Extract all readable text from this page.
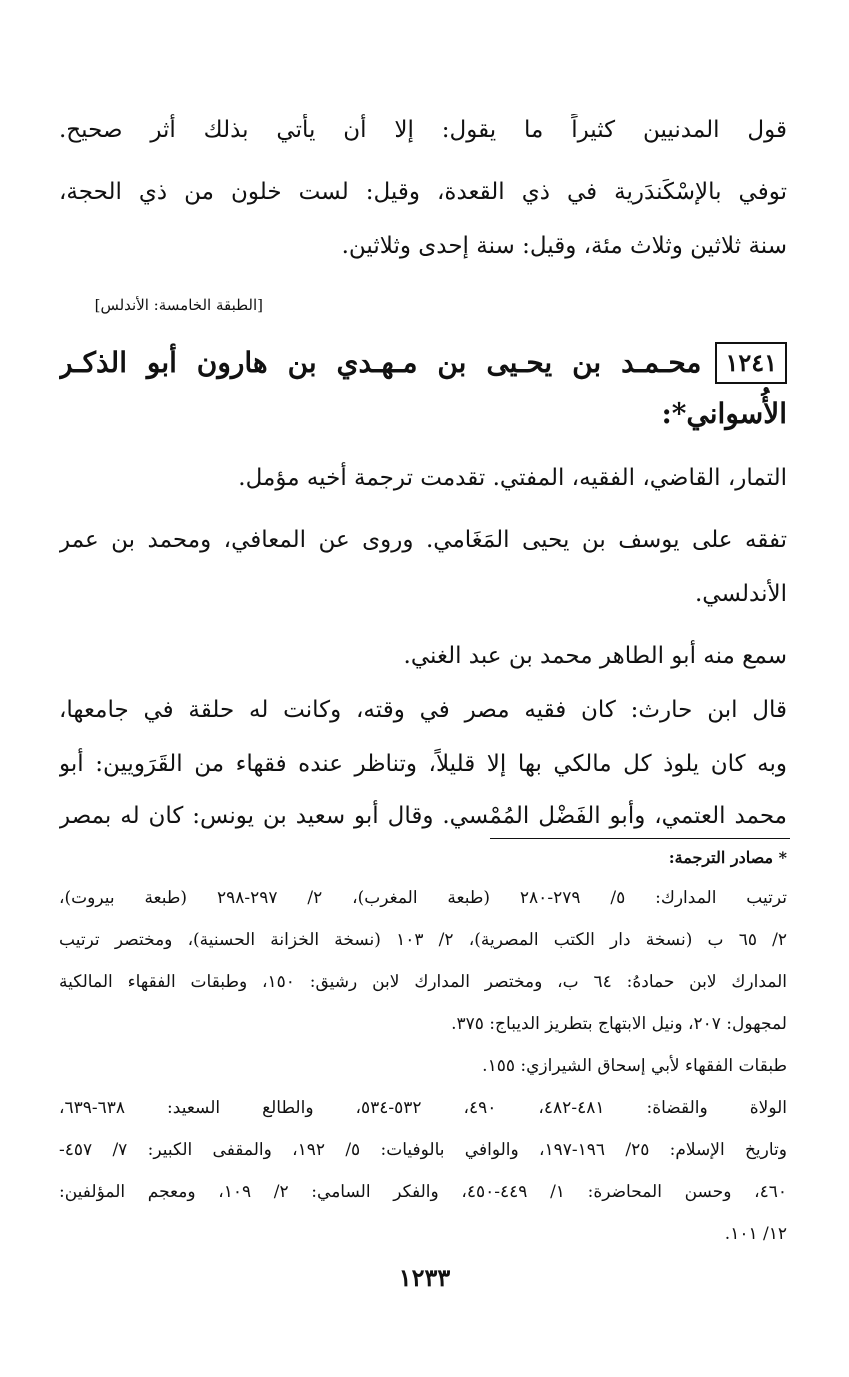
قول المدنيين كثيراً ما يقول: إلا أن يأتي بذلك أثر صحيح.
توفي بالإسْكَندَرية في ذي القعدة، وقيل: لست خلون من ذي الحجة،
سنة ثلاثين وثلاث مئة، وقيل: سنة إحدى وثلاثين.
[الطبقة الخامسة: الأندلس]
١٢٤١
محـمـد بن يحـيى بن مـهـدي بن هارون أبو الذكـر
الأُسواني*:
التمار، القاضي، الفقيه، المفتي. تقدمت ترجمة أخيه مؤمل.
تفقه على يوسف بن يحيى المَغَامي. وروى عن المعافي، ومحمد بن عمر
الأندلسي.
سمع منه أبو الطاهر محمد بن عبد الغني.
قال ابن حارث: كان فقيه مصر في وقته، وكانت له حلقة في جامعها،
وبه كان يلوذ كل مالكي بها إلا قليلاً، وتناظر عنده فقهاء من القَرَويين: أبو
محمد العتمي، وأبو الفَضْل المُمْسي. وقال أبو سعيد بن يونس: كان له بمصر
* مصادر الترجمة:
ترتيب المدارك: ٥/ ٢٧٩-٢٨٠ (طبعة المغرب)، ٢/ ٢٩٧-٢٩٨ (طبعة بيروت)،
٢/ ٦٥ ب (نسخة دار الكتب المصرية)، ٢/ ١٠٣ (نسخة الخزانة الحسنية)، ومختصر ترتيب
المدارك لابن حمادهُ: ٦٤ ب، ومختصر المدارك لابن رشيق: ١٥٠، وطبقات الفقهاء المالكية
لمجهول: ٢٠٧، ونيل الابتهاج بتطريز الديباج: ٣٧٥.
طبقات الفقهاء لأبي إسحاق الشيرازي: ١٥٥.
الولاة والقضاة: ٤٨١-٤٨٢، ٤٩٠، ٥٣٢-٥٣٤، والطالع السعيد: ٦٣٨-٦٣٩،
وتاريخ الإسلام: ٢٥/ ١٩٦-١٩٧، والوافي بالوفيات: ٥/ ١٩٢، والمقفى الكبير: ٧/ ٤٥٧-
٤٦٠، وحسن المحاضرة: ١/ ٤٤٩-٤٥٠، والفكر السامي: ٢/ ١٠٩، ومعجم المؤلفين:
١٢/ ١٠١.
١٢٣٣
